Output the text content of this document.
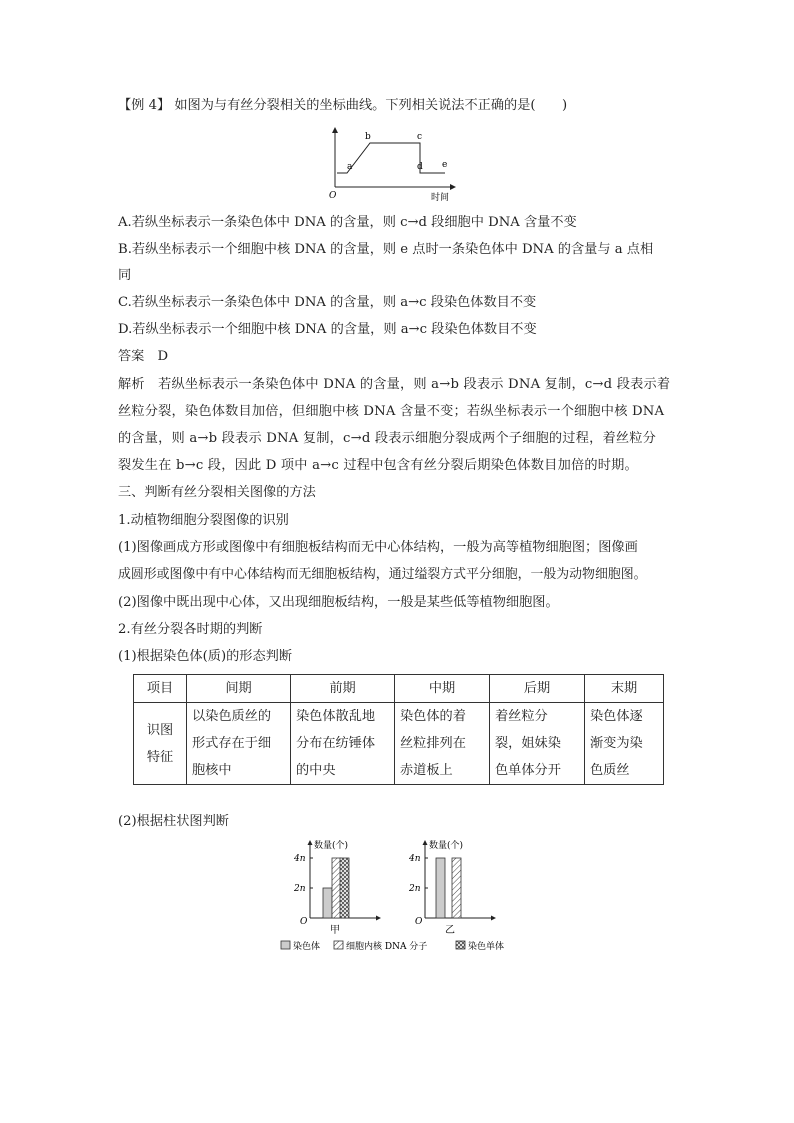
【例 4】 如图为与有丝分裂相关的坐标曲线。下列相关说法不正确的是(　　)
a
b	c
d e
O	时间
A.若纵坐标表示一条染色体中 DNA 的含量，则 c→d 段细胞中 DNA 含量不变
B.若纵坐标表示一个细胞中核 DNA 的含量，则 e 点时一条染色体中 DNA 的含量与 a 点相
同
C.若纵坐标表示一条染色体中 DNA 的含量，则 a→c 段染色体数目不变
D.若纵坐标表示一个细胞中核 DNA 的含量，则 a→c 段染色体数目不变
答案　D
解析　若纵坐标表示一条染色体中 DNA 的含量，则 a→b 段表示 DNA 复制，c→d 段表示着
丝粒分裂，染色体数目加倍，但细胞中核 DNA 含量不变；若纵坐标表示一个细胞中核 DNA
的含量，则 a→b 段表示 DNA 复制，c→d 段表示细胞分裂成两个子细胞的过程，着丝粒分
裂发生在 b→c 段，因此 D 项中 a→c 过程中包含有丝分裂后期染色体数目加倍的时期。
三、判断有丝分裂相关图像的方法
1.动植物细胞分裂图像的识别
(1)图像画成方形或图像中有细胞板结构而无中心体结构，一般为高等植物细胞图；图像画
成圆形或图像中有中心体结构而无细胞板结构，通过缢裂方式平分细胞，一般为动物细胞图。
(2)图像中既出现中心体，又出现细胞板结构，一般是某些低等植物细胞图。
2.有丝分裂各时期的判断
(1)根据染色体(质)的形态判断
项目	间期	前期	中期	后期	末期

识图
特征	以染色质丝的
形式存在于细
胞核中	染色体散乱地
分布在纺锤体
的中央	染色体的着
丝粒排列在
赤道板上	着丝粒分
裂，姐妹染
色单体分开	染色体逐
渐变为染
色质丝
(2)根据柱状图判断
数量(个)
4n
2n
O
甲
数量(个)
4n
2n
O
乙
染色体	细胞内核 DNA 分子	染色单体
